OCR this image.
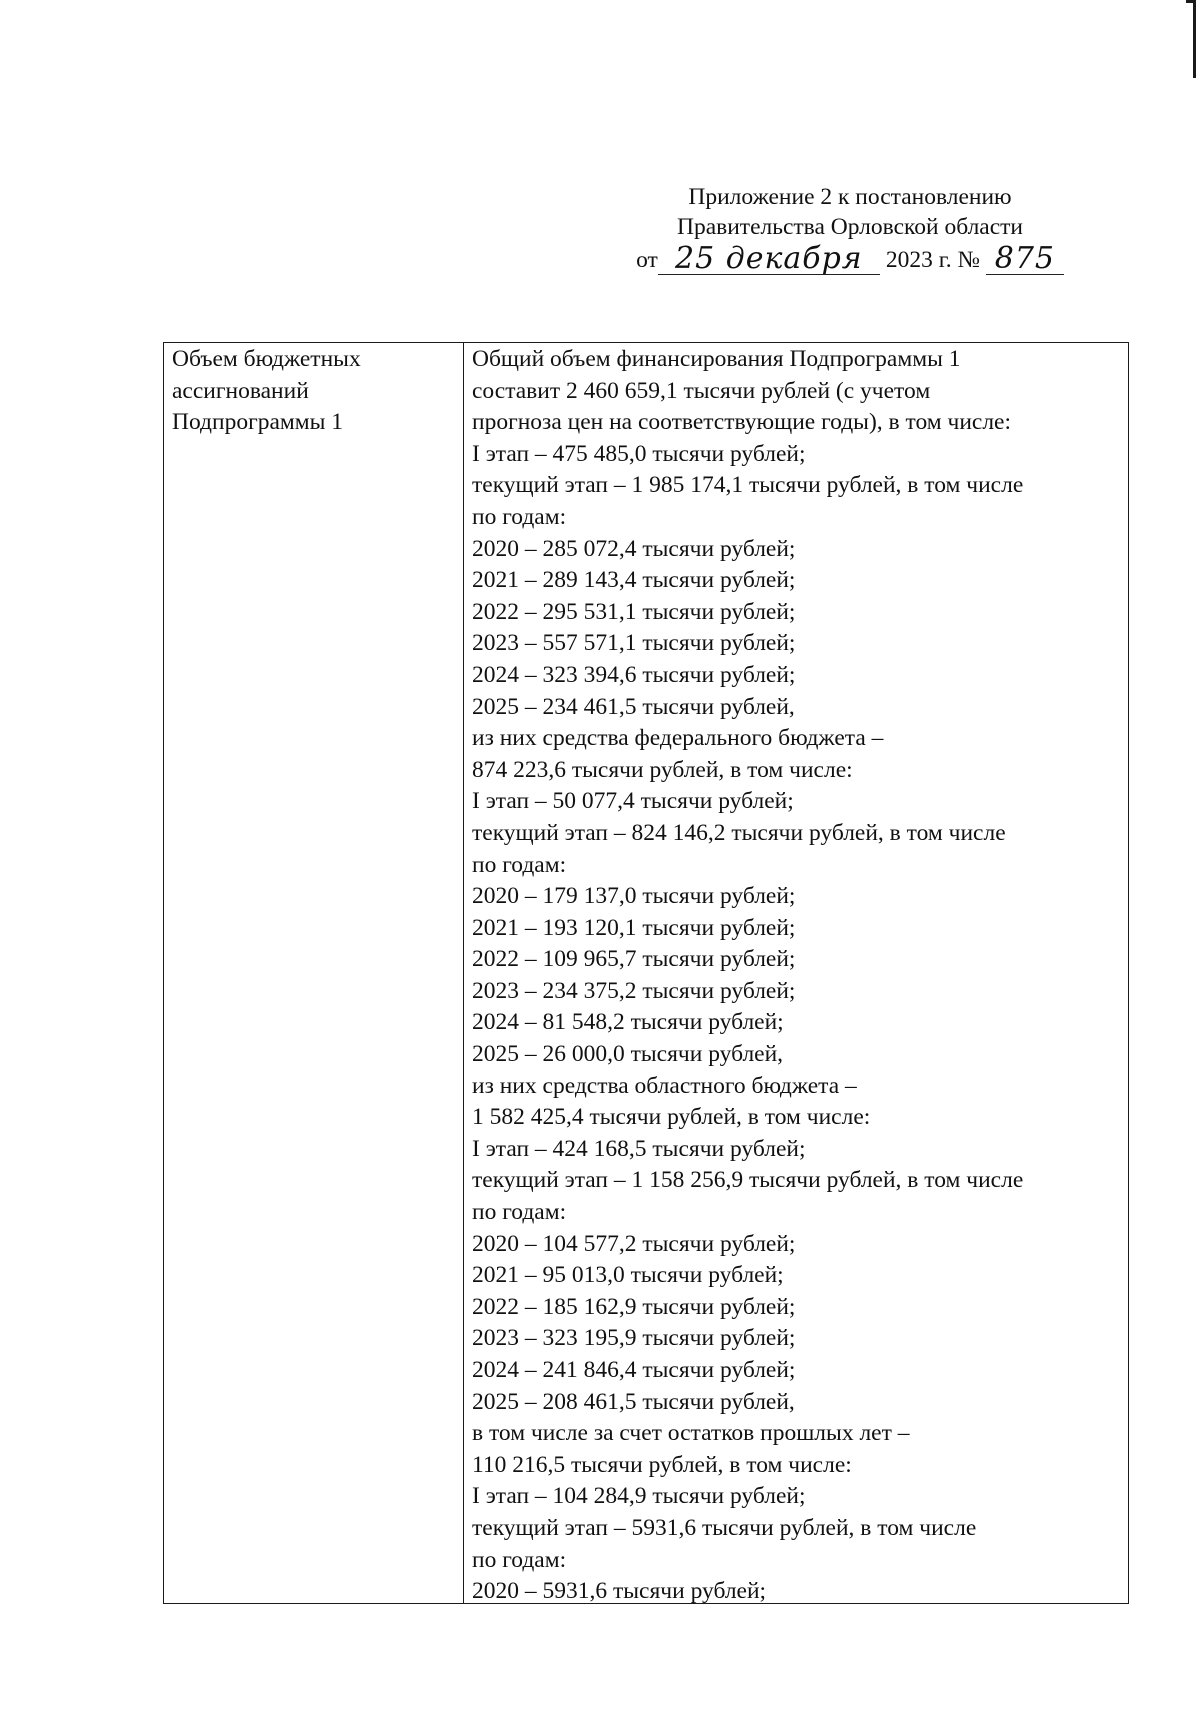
Приложение 2 к постановлению
Правительства Орловской области
от 25 декабря 2023 г. № 875
Объем бюджетных
ассигнований
Подпрограммы 1
Общий объем финансирования Подпрограммы 1
составит 2 460 659,1 тысячи рублей (с учетом
прогноза цен на соответствующие годы), в том числе:
I этап – 475 485,0 тысячи рублей;
текущий этап – 1 985 174,1 тысячи рублей, в том числе
по годам:
2020 – 285 072,4 тысячи рублей;
2021 – 289 143,4 тысячи рублей;
2022 – 295 531,1 тысячи рублей;
2023 – 557 571,1 тысячи рублей;
2024 – 323 394,6 тысячи рублей;
2025 – 234 461,5 тысячи рублей,
из них средства федерального бюджета –
874 223,6 тысячи рублей, в том числе:
I этап – 50 077,4 тысячи рублей;
текущий этап – 824 146,2 тысячи рублей, в том числе
по годам:
2020 – 179 137,0 тысячи рублей;
2021 – 193 120,1 тысячи рублей;
2022 – 109 965,7 тысячи рублей;
2023 – 234 375,2 тысячи рублей;
2024 – 81 548,2 тысячи рублей;
2025 – 26 000,0 тысячи рублей,
из них средства областного бюджета –
1 582 425,4 тысячи рублей, в том числе:
I этап – 424 168,5 тысячи рублей;
текущий этап – 1 158 256,9 тысячи рублей, в том числе
по годам:
2020 – 104 577,2 тысячи рублей;
2021 – 95 013,0 тысячи рублей;
2022 – 185 162,9 тысячи рублей;
2023 – 323 195,9 тысячи рублей;
2024 – 241 846,4 тысячи рублей;
2025 – 208 461,5 тысячи рублей,
в том числе за счет остатков прошлых лет –
110 216,5 тысячи рублей, в том числе:
I этап – 104 284,9 тысячи рублей;
текущий этап – 5931,6 тысячи рублей, в том числе
по годам:
2020 – 5931,6 тысячи рублей;
